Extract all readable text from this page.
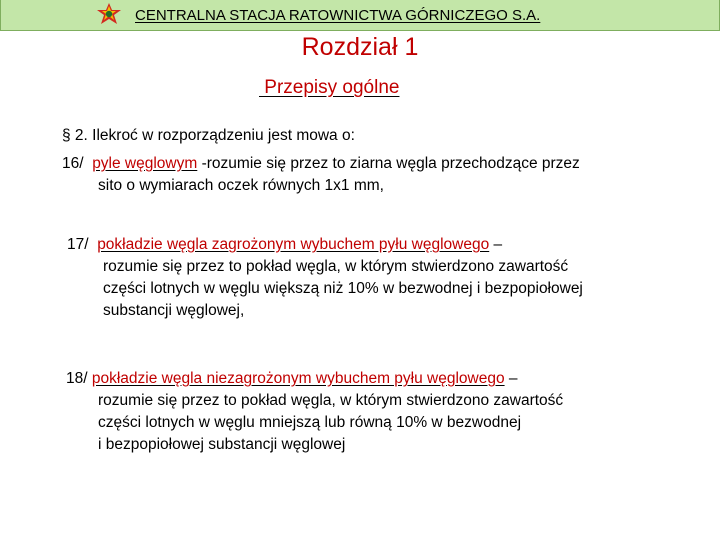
CENTRALNA STACJA RATOWNICTWA GÓRNICZEGO S.A.
Rozdział 1
Przepisy ogólne
§ 2. Ilekroć w rozporządzeniu jest mowa o:
16/ pyle węglowym -rozumie się przez to ziarna węgla przechodzące przez
sito o wymiarach oczek równych 1x1 mm,
17/ pokładzie węgla zagrożonym wybuchem pyłu węglowego –
rozumie się przez to pokład węgla, w którym stwierdzono zawartość
części lotnych w węglu większą niż 10% w bezwodnej i bezpopiołowej
substancji węglowej,
18/ pokładzie węgla niezagrożonym wybuchem pyłu węglowego –
rozumie się przez to pokład węgla, w którym stwierdzono zawartość
części lotnych w węglu mniejszą lub równą 10% w bezwodnej
i bezpopiołowej substancji węglowej
